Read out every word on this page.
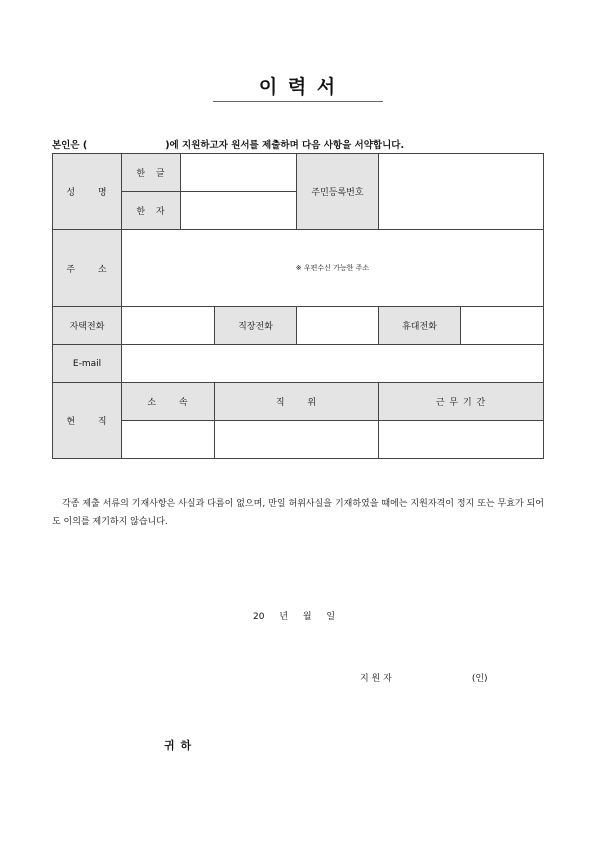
이 력 서
본인은 (	)에 지원하고자 원서를 제출하며 다음 사항을 서약합니다.
성 명	한 글			주민등록번호		
	한 자					
주 소	※ 우편수신 가능한 주소					
자택전화			직장전화		휴대전화	
E-mail						
현 직	소 속		직 위		근 무 기 간	

각종 제출 서류의 기재사항은 사실과 다름이 없으며, 만일 허위사실을 기재하였을 때에는 지원자격이 정지 또는 무효가 되어도 이의를 제기하지 않습니다.
20 년 월 일
지 원 자	(인)
귀 하
